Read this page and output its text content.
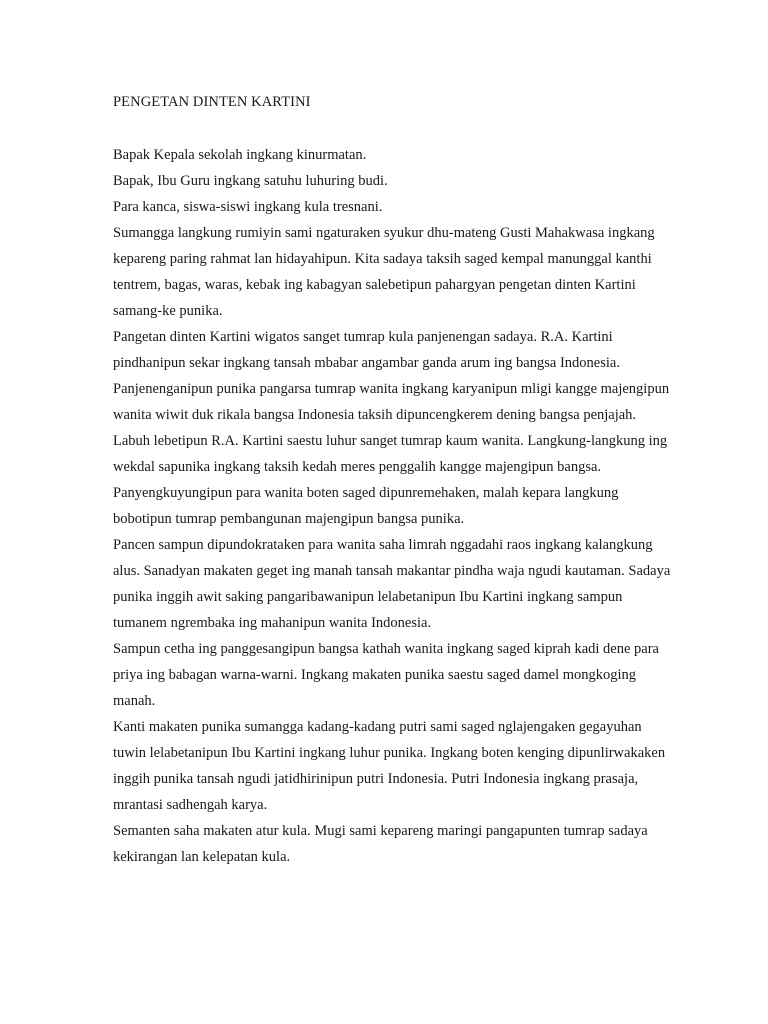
PENGETAN DINTEN KARTINI

Bapak Kepala sekolah ingkang kinurmatan.

Bapak, Ibu Guru ingkang satuhu luhuring budi.

Para kanca, siswa-siswi ingkang kula tresnani.

Sumangga langkung rumiyin sami ngaturaken syukur dhu-mateng Gusti Mahakwasa ingkang kepareng paring rahmat lan hidayahipun. Kita sadaya taksih saged kempal manunggal kanthi tentrem, bagas, waras, kebak ing kabagyan salebetipun pahargyan pengetan dinten Kartini samang-ke punika.

Pangetan dinten Kartini wigatos sanget tumrap kula panjenengan sadaya. R.A. Kartini pindhanipun sekar ingkang tansah mbabar angambar ganda arum ing bangsa Indonesia.

Panjenenganipun punika pangarsa tumrap wanita ingkang karyanipun mligi kangge majengipun wanita wiwit duk rikala bangsa Indonesia taksih dipuncengkerem dening bangsa penjajah.

Labuh lebetipun R.A. Kartini saestu luhur sanget tumrap kaum wanita. Langkung-langkung ing wekdal sapunika ingkang taksih kedah meres penggalih kangge majengipun bangsa. Panyengkuyungipun para wanita boten saged dipunremehaken, malah kepara langkung bobotipun tumrap pembangunan majengipun bangsa punika.

Pancen sampun dipundokrataken para wanita saha limrah nggadahi raos ingkang kalangkung alus. Sanadyan makaten geget ing manah tansah makantar pindha waja ngudi kautaman. Sadaya punika inggih awit saking pangaribawanipun lelabetanipun Ibu Kartini ingkang sampun tumanem ngrembaka ing mahanipun wanita Indonesia.

Sampun cetha ing panggesangipun bangsa kathah wanita ingkang saged kiprah kadi dene para priya ing babagan warna-warni. Ingkang makaten punika saestu saged damel mongkoging manah.

Kanti makaten punika sumangga kadang-kadang putri sami saged nglajengaken gegayuhan tuwin lelabetanipun Ibu Kartini ingkang luhur punika. Ingkang boten kenging dipunlirwakaken inggih punika tansah ngudi jatidhirinipun putri Indonesia. Putri Indonesia ingkang prasaja, mrantasi sadhengah karya.

Semanten saha makaten atur kula. Mugi sami kepareng maringi pangapunten tumrap sadaya kekirangan lan kelepatan kula.
